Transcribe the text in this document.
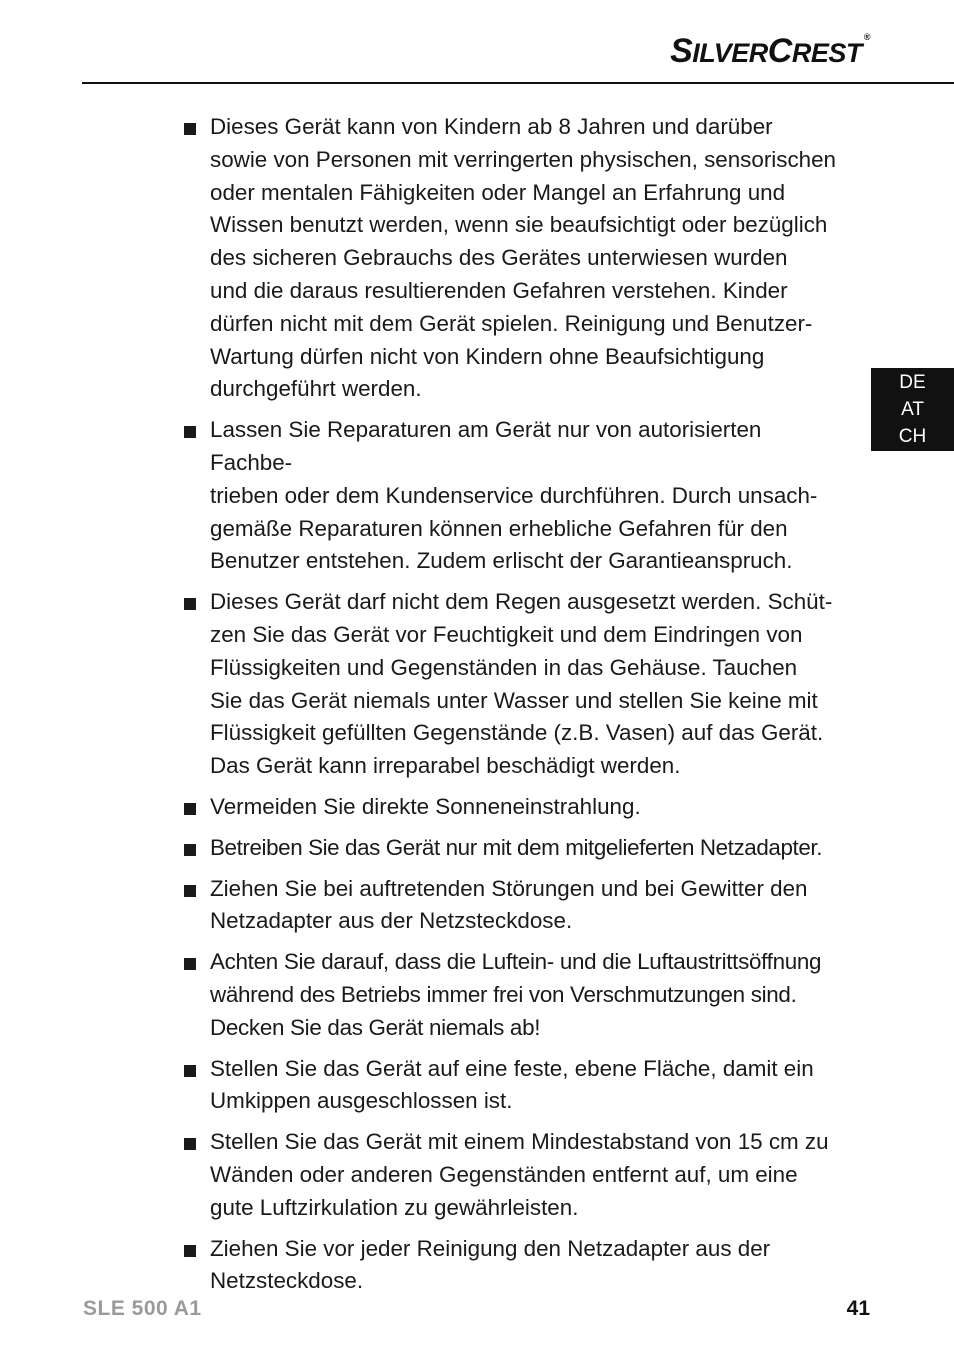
SILVERCREST®
DE
AT
CH
Dieses Gerät kann von Kindern ab 8 Jahren und darüber
sowie von Personen mit verringerten physischen, sensorischen
oder mentalen Fähigkeiten oder Mangel an Erfahrung und
Wissen benutzt werden, wenn sie beaufsichtigt oder bezüglich
des sicheren Gebrauchs des Gerätes unterwiesen wurden
und die daraus resultierenden Gefahren verstehen. Kinder
dürfen nicht mit dem Gerät spielen. Reinigung und Benutzer-
Wartung dürfen nicht von Kindern ohne Beaufsichtigung
durchgeführt werden.
Lassen Sie Reparaturen am Gerät nur von autorisierten Fachbe-
trieben oder dem Kundenservice durchführen. Durch unsach-
gemäße Reparaturen können erhebliche Gefahren für den
Benutzer entstehen. Zudem erlischt der Garantieanspruch.
Dieses Gerät darf nicht dem Regen ausgesetzt werden. Schüt-
zen Sie das Gerät vor Feuchtigkeit und dem Eindringen von
Flüssigkeiten und Gegenständen in das Gehäuse. Tauchen
Sie das Gerät niemals unter Wasser und stellen Sie keine mit
Flüssigkeit gefüllten Gegenstände (z.B. Vasen) auf das Gerät.
Das Gerät kann irreparabel beschädigt werden.
Vermeiden Sie direkte Sonneneinstrahlung.
Betreiben Sie das Gerät nur mit dem mitgelieferten Netzadapter.
Ziehen Sie bei auftretenden Störungen und bei Gewitter den
Netzadapter aus der Netzsteckdose.
Achten Sie darauf, dass die Luftein- und die Luftaustrittsöffnung
während des Betriebs immer frei von Verschmutzungen sind.
Decken Sie das Gerät niemals ab!
Stellen Sie das Gerät auf eine feste, ebene Fläche, damit ein
Umkippen ausgeschlossen ist.
Stellen Sie das Gerät mit einem Mindestabstand von 15 cm zu
Wänden oder anderen Gegenständen entfernt auf, um eine
gute Luftzirkulation zu gewährleisten.
Ziehen Sie vor jeder Reinigung den Netzadapter aus der
Netzsteckdose.
SLE 500 A1	41
